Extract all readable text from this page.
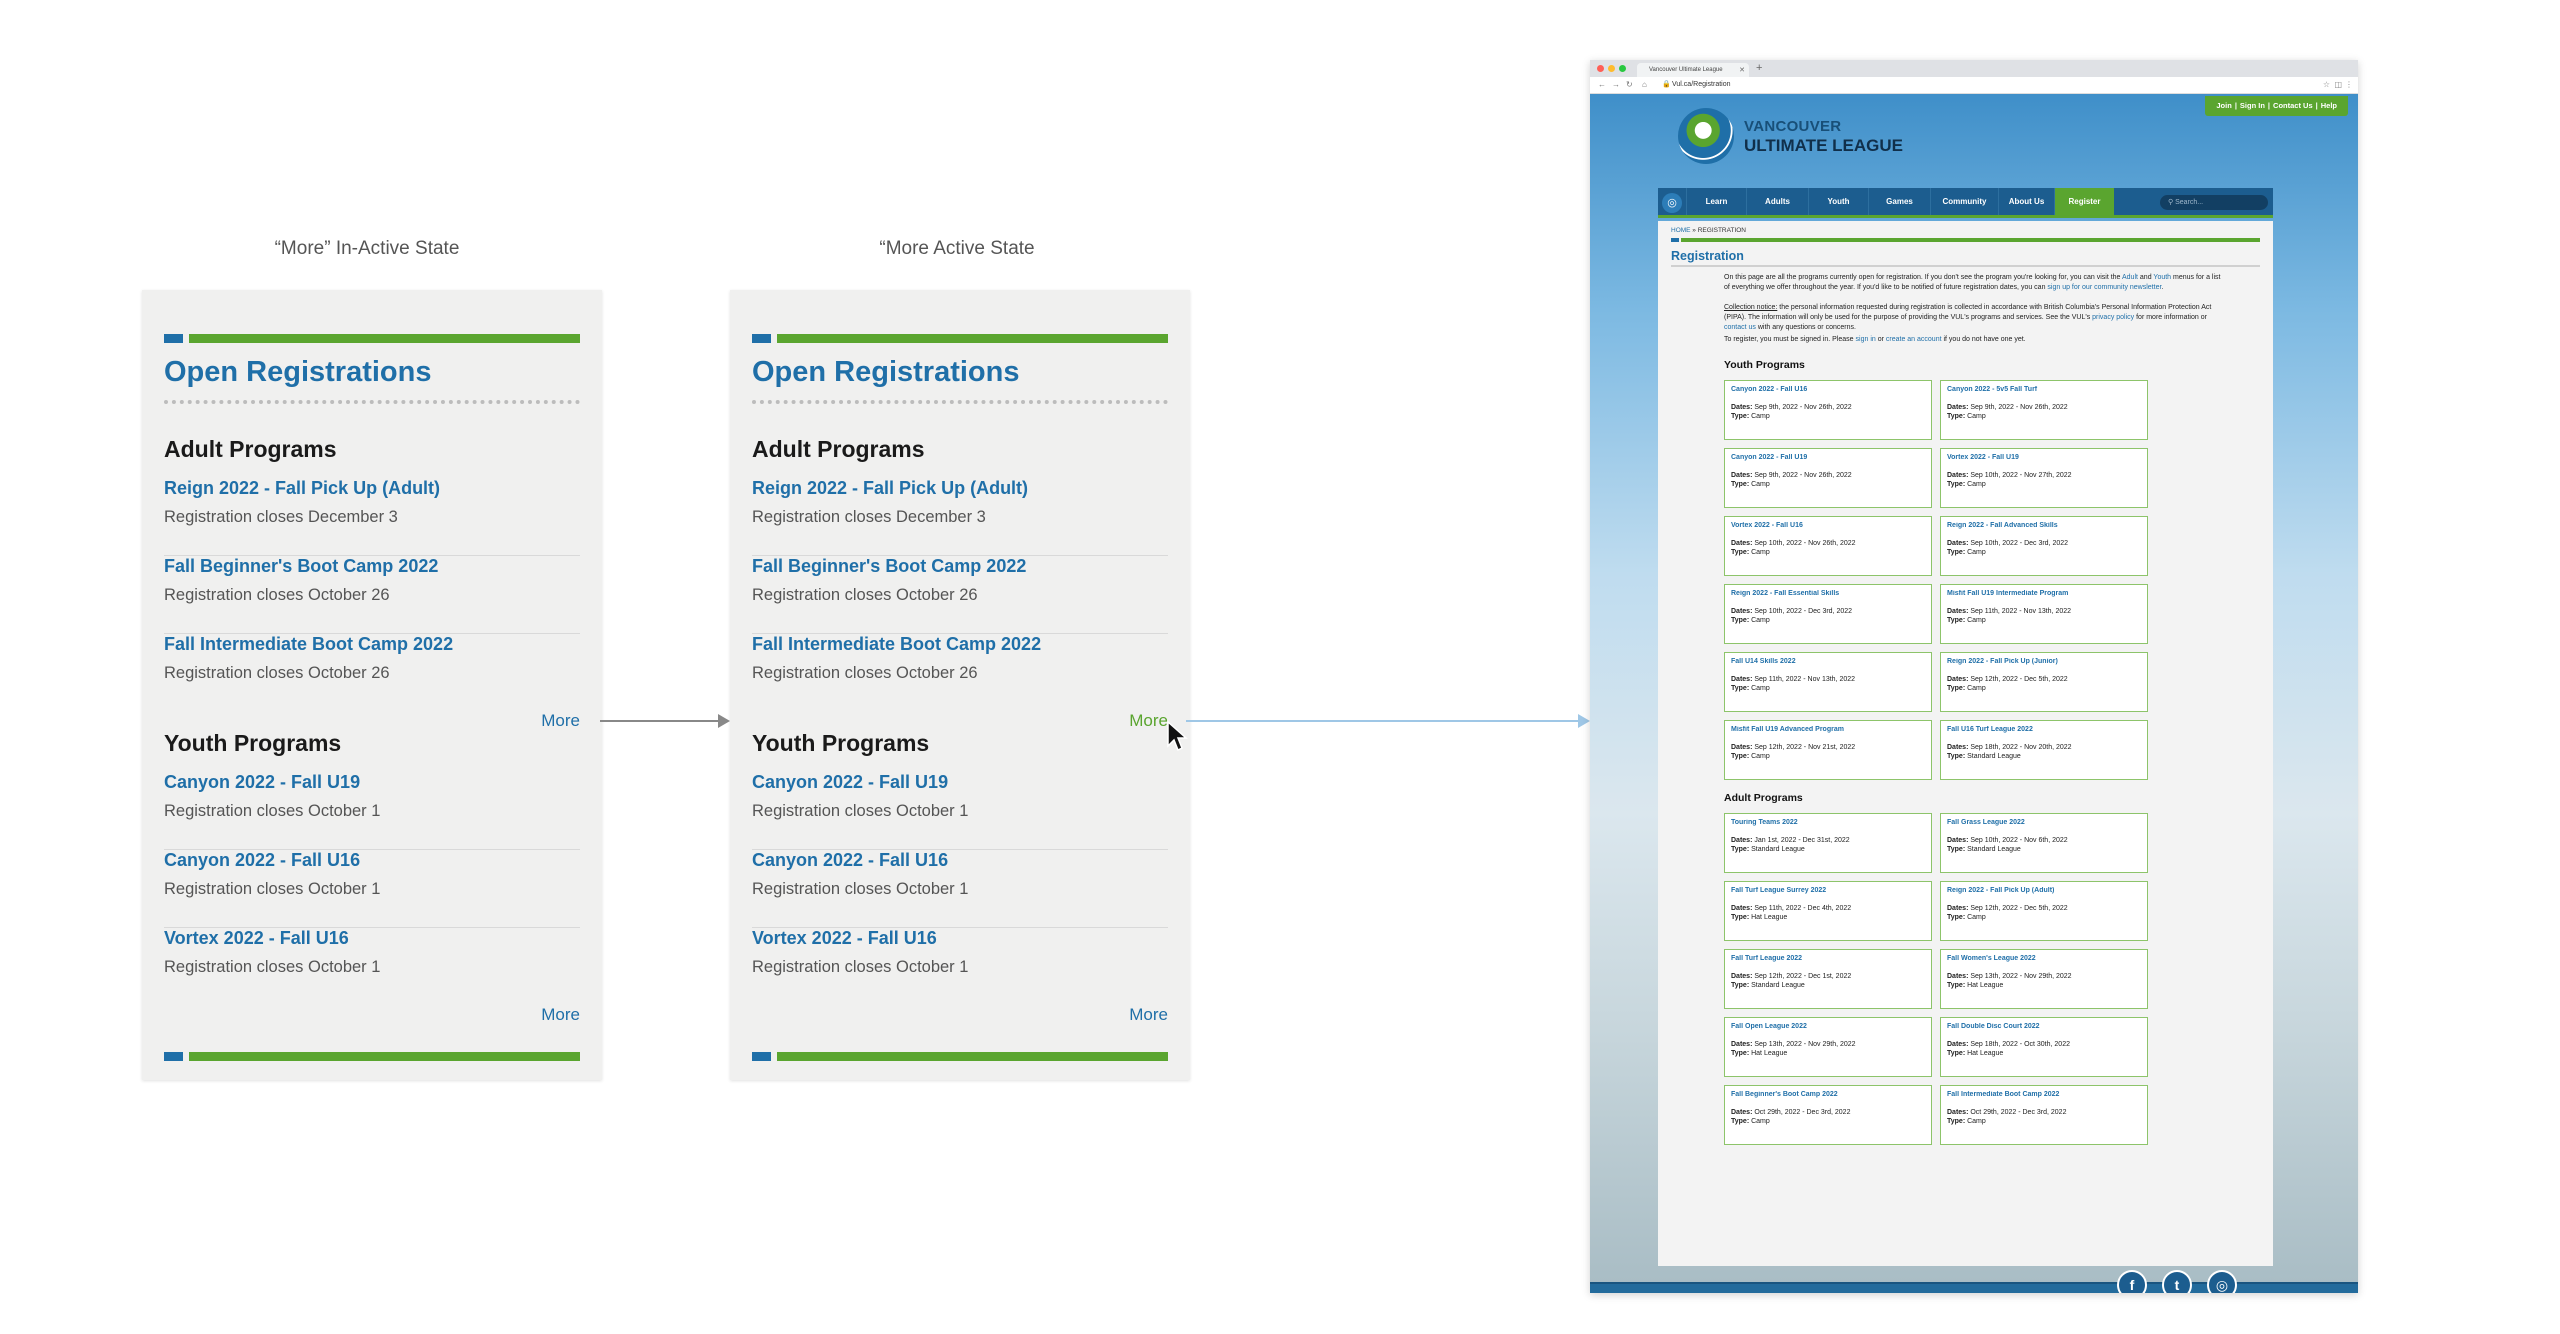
“More” In-Active State	“More Active State
Open Registrations
Adult Programs
Reign 2022 - Fall Pick Up (Adult)
Registration closes December 3
Fall Beginner's Boot Camp 2022
Registration closes October 26
Fall Intermediate Boot Camp 2022
Registration closes October 26
More
Youth Programs
Canyon 2022 - Fall U19
Registration closes October 1
Canyon 2022 - Fall U16
Registration closes October 1
Vortex 2022 - Fall U16
Registration closes October 1
More
Open Registrations
Adult Programs
Reign 2022 - Fall Pick Up (Adult)
Registration closes December 3
Fall Beginner's Boot Camp 2022
Registration closes October 26
Fall Intermediate Boot Camp 2022
Registration closes October 26
More
Youth Programs
Canyon 2022 - Fall U19
Registration closes October 1
Canyon 2022 - Fall U16
Registration closes October 1
Vortex 2022 - Fall U16
Registration closes October 1
More
Vancouver Ultimate League ✕ +
← → ↻ ⌂ 🔒 Vul.ca/Registration	☆ ◫ ⋮
Join | Sign In | Contact Us | Help
VANCOUVER
ULTIMATE LEAGUE
◎	Learn	Adults	Youth	Games	Community	About Us	Register	⚲ Search...
HOME » REGISTRATION
Registration
On this page are all the programs currently open for registration. If you don't see the program you're looking for, you can visit the Adult and Youth menus for a list of everything we offer throughout the year. If you'd like to be notified of future registration dates, you can sign up for our community newsletter.
Collection notice: the personal information requested during registration is collected in accordance with British Columbia's Personal Information Protection Act (PIPA). The information will only be used for the purpose of providing the VUL's programs and services. See the VUL's privacy policy for more information or contact us with any questions or concerns.
To register, you must be signed in. Please sign in or create an account if you do not have one yet.
Youth Programs
Canyon 2022 - Fall U16
Dates: Sep 9th, 2022 - Nov 26th, 2022
Type: Camp
Canyon 2022 - 5v5 Fall Turf
Dates: Sep 9th, 2022 - Nov 26th, 2022
Type: Camp
Canyon 2022 - Fall U19
Dates: Sep 9th, 2022 - Nov 26th, 2022
Type: Camp
Vortex 2022 - Fall U19
Dates: Sep 10th, 2022 - Nov 27th, 2022
Type: Camp
Vortex 2022 - Fall U16
Dates: Sep 10th, 2022 - Nov 26th, 2022
Type: Camp
Reign 2022 - Fall Advanced Skills
Dates: Sep 10th, 2022 - Dec 3rd, 2022
Type: Camp
Reign 2022 - Fall Essential Skills
Dates: Sep 10th, 2022 - Dec 3rd, 2022
Type: Camp
Misfit Fall U19 Intermediate Program
Dates: Sep 11th, 2022 - Nov 13th, 2022
Type: Camp
Fall U14 Skills 2022
Dates: Sep 11th, 2022 - Nov 13th, 2022
Type: Camp
Reign 2022 - Fall Pick Up (Junior)
Dates: Sep 12th, 2022 - Dec 5th, 2022
Type: Camp
Misfit Fall U19 Advanced Program
Dates: Sep 12th, 2022 - Nov 21st, 2022
Type: Camp
Fall U16 Turf League 2022
Dates: Sep 18th, 2022 - Nov 20th, 2022
Type: Standard League
Adult Programs
Touring Teams 2022
Dates: Jan 1st, 2022 - Dec 31st, 2022
Type: Standard League
Fall Grass League 2022
Dates: Sep 10th, 2022 - Nov 6th, 2022
Type: Standard League
Fall Turf League Surrey 2022
Dates: Sep 11th, 2022 - Dec 4th, 2022
Type: Hat League
Reign 2022 - Fall Pick Up (Adult)
Dates: Sep 12th, 2022 - Dec 5th, 2022
Type: Camp
Fall Turf League 2022
Dates: Sep 12th, 2022 - Dec 1st, 2022
Type: Standard League
Fall Women's League 2022
Dates: Sep 13th, 2022 - Nov 29th, 2022
Type: Hat League
Fall Open League 2022
Dates: Sep 13th, 2022 - Nov 29th, 2022
Type: Hat League
Fall Double Disc Court 2022
Dates: Sep 18th, 2022 - Oct 30th, 2022
Type: Hat League
Fall Beginner's Boot Camp 2022
Dates: Oct 29th, 2022 - Dec 3rd, 2022
Type: Camp
Fall Intermediate Boot Camp 2022
Dates: Oct 29th, 2022 - Dec 3rd, 2022
Type: Camp
f	t	◎
